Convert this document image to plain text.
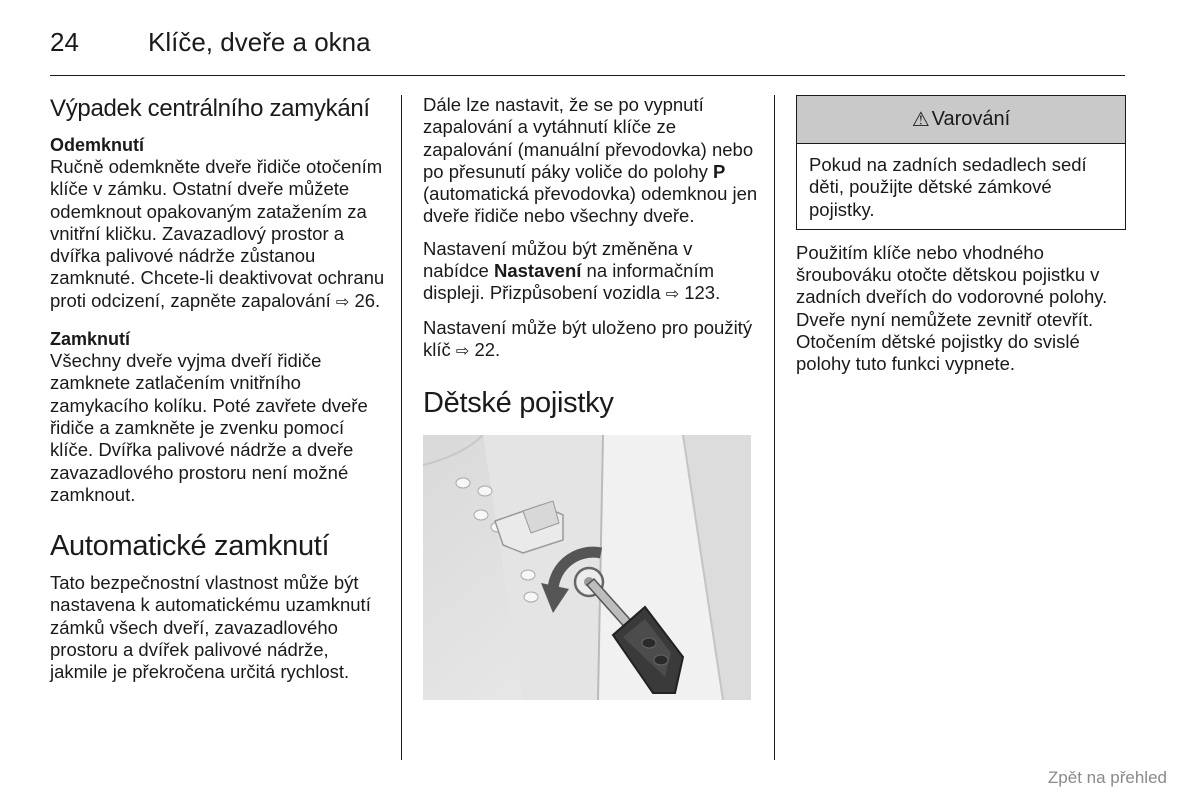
24	Klíče, dveře a okna
Výpadek centrálního zamykání
Odemknutí

Ručně odemkněte dveře řidiče otočením klíče v zámku. Ostatní dveře můžete odemknout opakovaným zatažením za vnitřní kličku. Zavazadlový prostor a dvířka palivové nádrže zůstanou zamknuté. Chcete-li deaktivovat ochranu proti odcizení, zapněte zapalování ⇨ 26.

Zamknutí

Všechny dveře vyjma dveří řidiče zamknete zatlačením vnitřního zamykacího kolíku. Poté zavřete dveře řidiče a zamkněte je zvenku pomocí klíče. Dvířka palivové nádrže a dveře zavazadlového prostoru není možné zamknout.

Automatické zamknutí

Tato bezpečnostní vlastnost může být nastavena k automatickému uzamknutí zámků všech dveří, zavazadlového prostoru a dvířek palivové nádrže, jakmile je překročena určitá rychlost.

Dále lze nastavit, že se po vypnutí zapalování a vytáhnutí klíče ze zapalování (manuální převodovka) nebo po přesunutí páky voliče do polohy P (automatická převodovka) odemknou jen dveře řidiče nebo všechny dveře.

Nastavení můžou být změněna v nabídce Nastavení na informačním displeji. Přizpůsobení vozidla ⇨ 123.

Nastavení může být uloženo pro použitý klíč ⇨ 22.

Dětské pojistky
⚠ Varování
Pokud na zadních sedadlech sedí děti, použijte dětské zámkové pojistky.

Použitím klíče nebo vhodného šroubováku otočte dětskou pojistku v zadních dveřích do vodorovné polohy. Dveře nyní nemůžete zevnitř otevřít. Otočením dětské pojistky do svislé polohy tuto funkci vypnete.

Zpět na přehled
